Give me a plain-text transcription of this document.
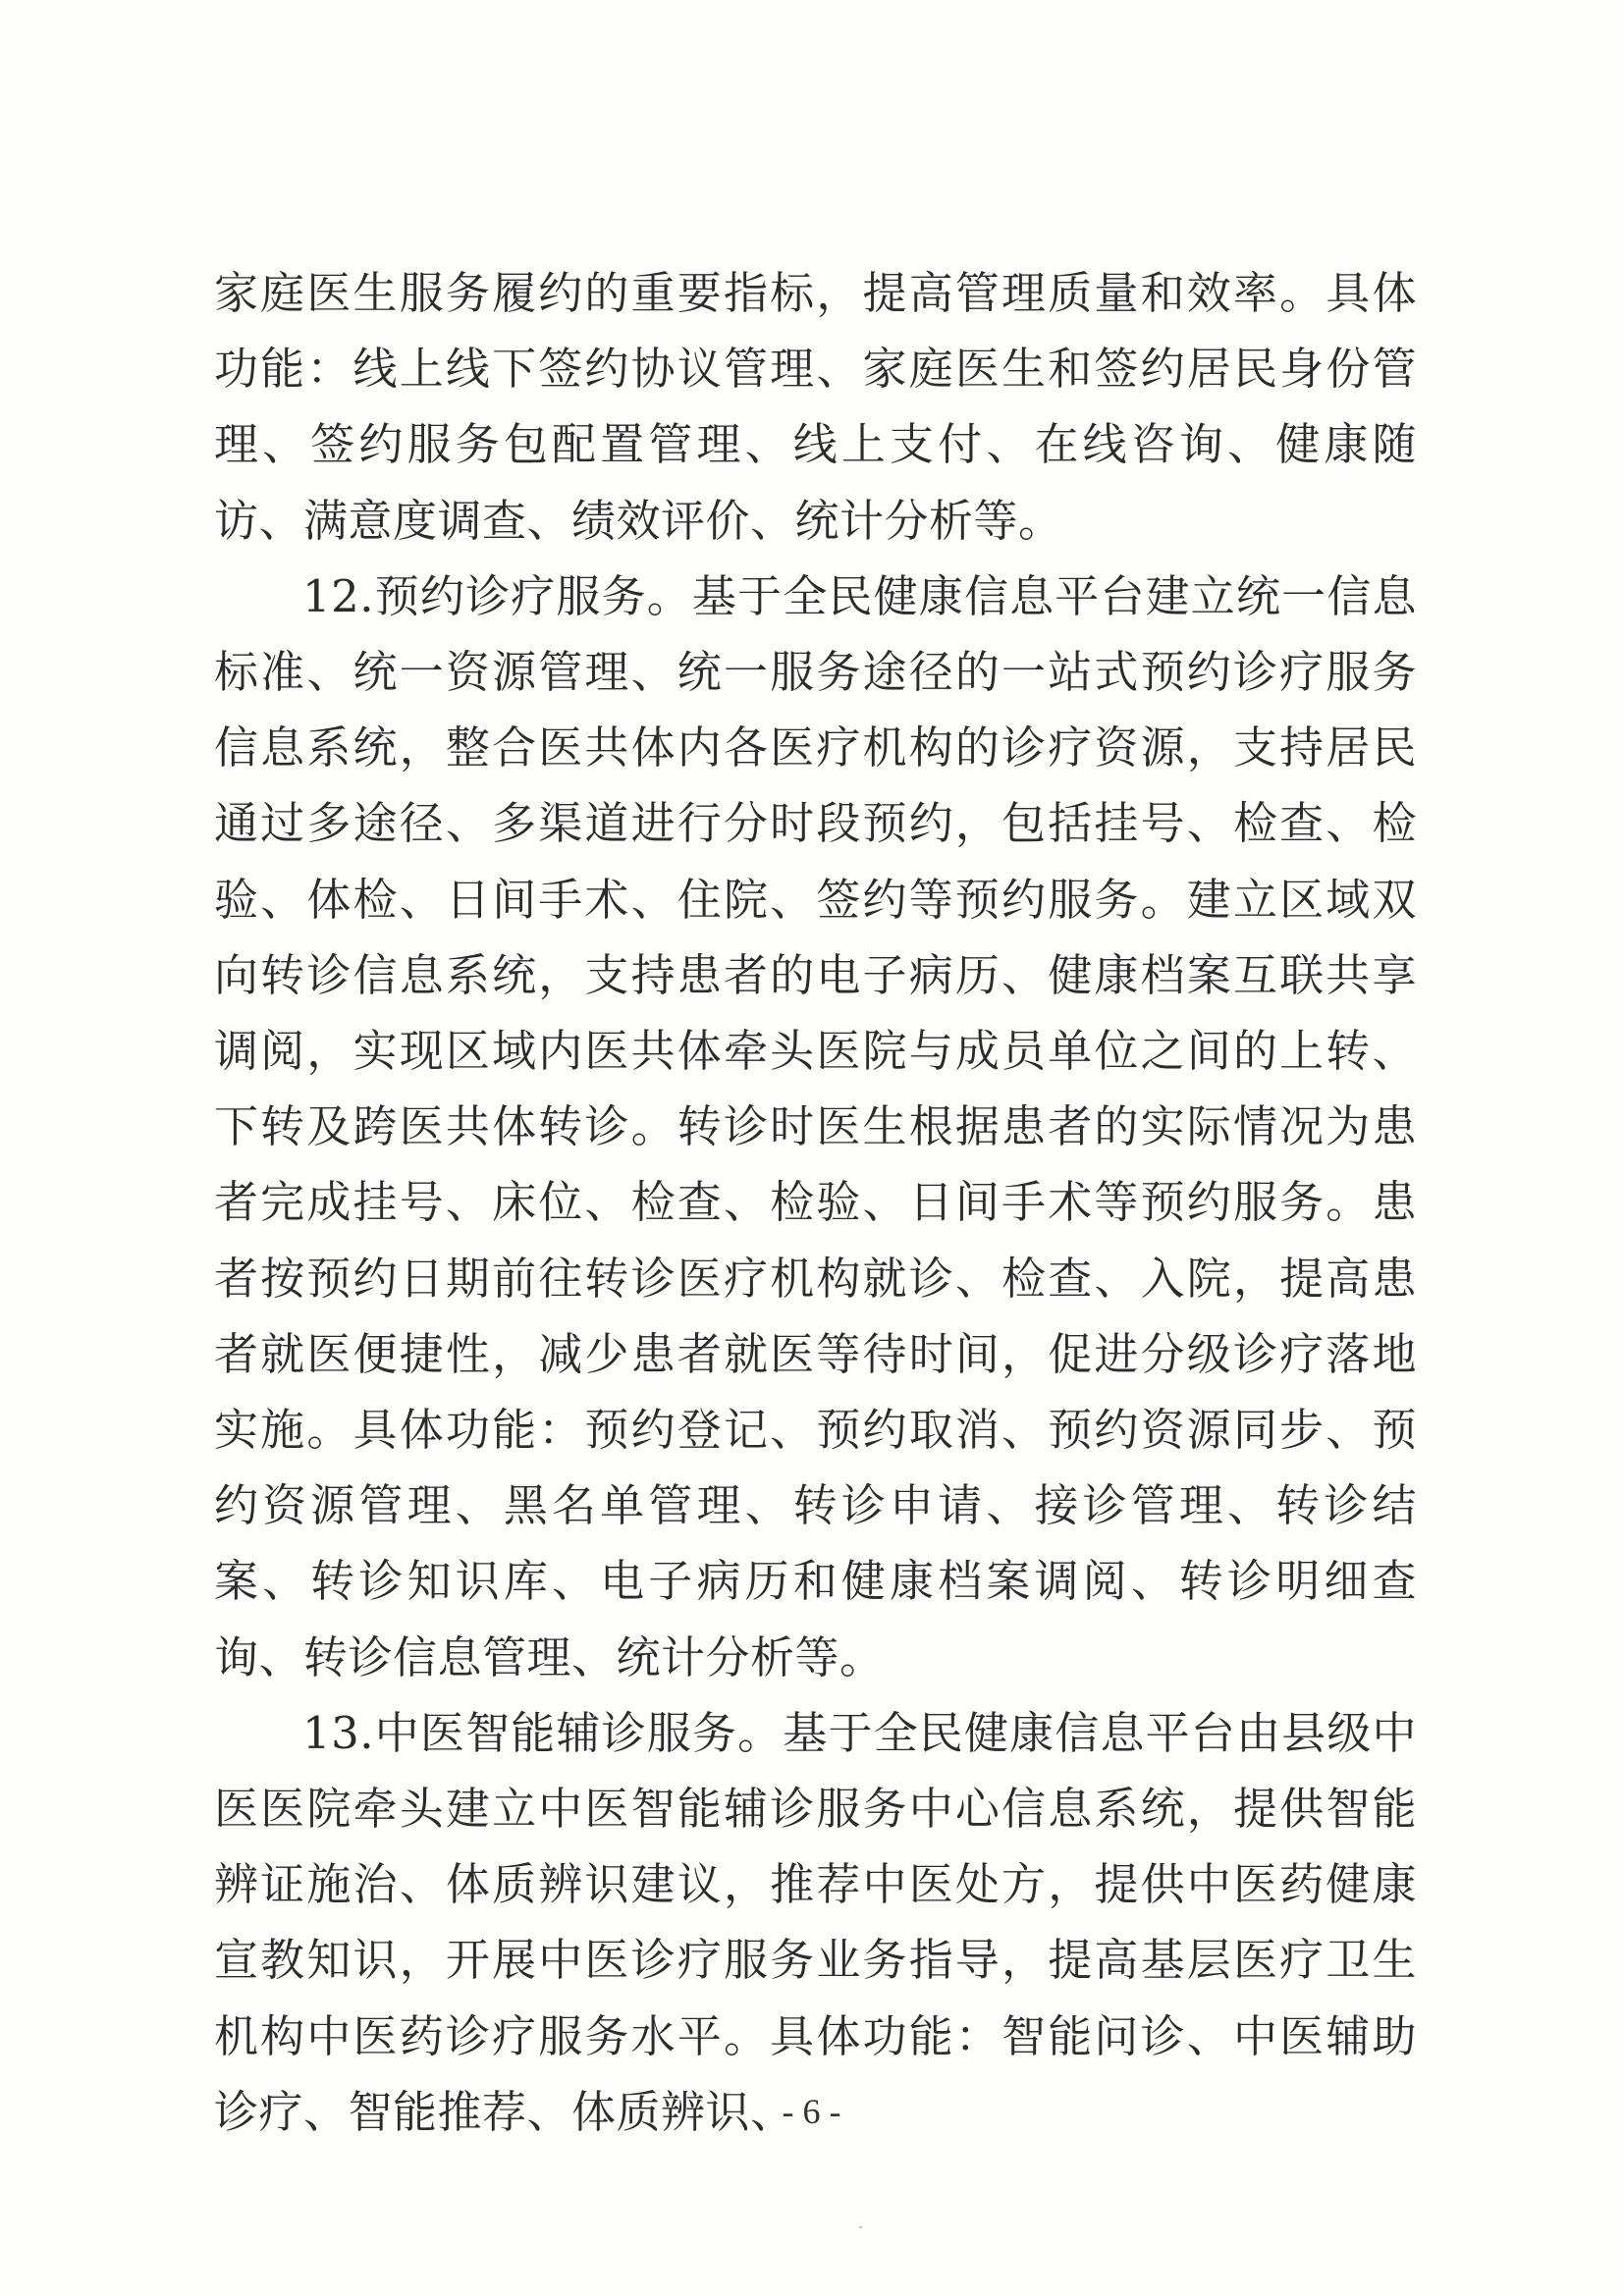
家庭医生服务履约的重要指标，提高管理质量和效率。具体功能：线上线下签约协议管理、家庭医生和签约居民身份管理、签约服务包配置管理、线上支付、在线咨询、健康随访、满意度调查、绩效评价、统计分析等。

12.预约诊疗服务。基于全民健康信息平台建立统一信息标准、统一资源管理、统一服务途径的一站式预约诊疗服务信息系统，整合医共体内各医疗机构的诊疗资源，支持居民通过多途径、多渠道进行分时段预约，包括挂号、检查、检验、体检、日间手术、住院、签约等预约服务。建立区域双向转诊信息系统，支持患者的电子病历、健康档案互联共享调阅，实现区域内医共体牵头医院与成员单位之间的上转、下转及跨医共体转诊。转诊时医生根据患者的实际情况为患者完成挂号、床位、检查、检验、日间手术等预约服务。患者按预约日期前往转诊医疗机构就诊、检查、入院，提高患者就医便捷性，减少患者就医等待时间，促进分级诊疗落地实施。具体功能：预约登记、预约取消、预约资源同步、预约资源管理、黑名单管理、转诊申请、接诊管理、转诊结案、转诊知识库、电子病历和健康档案调阅、转诊明细查询、转诊信息管理、统计分析等。

13.中医智能辅诊服务。基于全民健康信息平台由县级中医医院牵头建立中医智能辅诊服务中心信息系统，提供智能辨证施治、体质辨识建议，推荐中医处方，提供中医药健康宣教知识，开展中医诊疗服务业务指导，提高基层医疗卫生机构中医药诊疗服务水平。具体功能：智能问诊、中医辅助诊疗、智能推荐、体质辨识、

- 6 -
